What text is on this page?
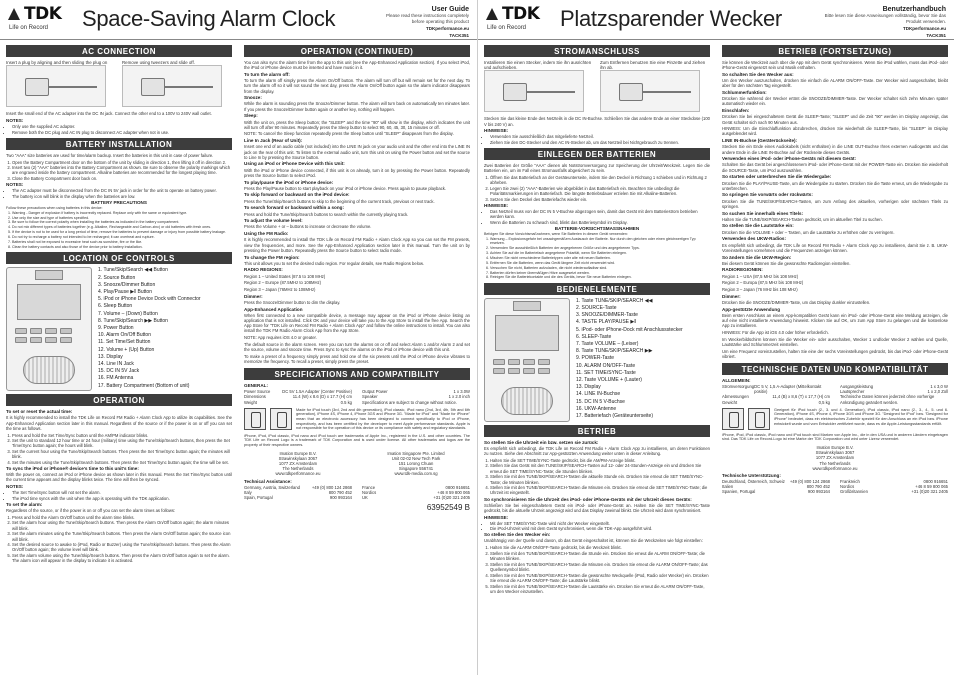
TDK
Life on Record	Space-Saving Alarm Clock	User Guide
Please read these instructions completely
before operating this product
TDKperformance.eu
TACK351
AC CONNECTION
Insert a plug by aligning and then sliding the plug on	Remove using tweezers and slide off.

Insert the small end of the AC adapter into the DC IN jack. Connect the other end to a 100V to 240V wall outlet.

NOTES:
• Only use the supplied AC adapter.
• Remove both the DC plug and AC IN plug to disconnect AC adapter when not in use.
BATTERY INSTALLATION

Two "AAA" size batteries are used for time/alarm backup. Insert the batteries in this unit in case of power failure.

1. Open the Battery Compartment door on the bottom of the unit by sliding in direction 1, then lifting it off in direction 2.
2. Insert two (2) "AAA" batteries into the Battery Compartment as shown. Be sure to observe the polarity markings which are engraved inside the battery compartment. Alkaline batteries are recommended for the longest playing time.
3. Close the Battery Compartment door back on.
NOTES:
• The AC adapter must be disconnected from the DC IN 5V jack in order for the unit to operate on battery power.
• The battery icon will blink in the display when the batteries are low.
BATTERY PRECAUTIONS
Follow these precautions when using batteries in this device:
1. Warning - Danger of explosion if battery is incorrectly replaced. Replace only with the same or equivalent type.
2. Use only the size and type of batteries specified.
3. Be sure to follow the correct polarity when installing the batteries as indicated in the battery compartment.
4. Do not mix different types of batteries together (e.g. Alkaline, Rechargeable and Carbon-zinc) or old batteries with fresh ones.
5. If the device is not to be used for a long period of time, remove the batteries to prevent damage or injury from possible battery leakage.
6. Do not try to recharge a battery not intended to be recharged; it can overheat and rupture.
7. Batteries shall not be exposed to excessive heat such as sunshine, fire or the like.
8. Clean the battery contacts and also those of the device prior to battery installation.
LOCATION OF CONTROLS
1. Tune/Skip/Search ◀◀ Button
2. Source Button
3. Snooze/Dimmer Button
4. Play/Pause ▶‖ Button
5. iPod or iPhone Device Dock with Connector
6. Sleep Button
7. Volume – (Down) Button
8. Tune/Skip/Search ▶▶ Button
9. Power Button
10. Alarm On/Off Button
11. Set Time/Set Button
12. Volume + (Up) Button
13. Display
14. Line IN Jack
15. DC IN 5V Jack
16. FM Antenna
17. Battery Compartment (Bottom of unit)
OPERATION
To set or reset the actual time:

It is highly recommended to install the TDK Life on Record FM Radio + Alarm Clock App to utilize its capabilities. See the App-Enhanced Application section later in this manual. Regardless of the source or if the power is on or off you can set the time as follows.

1. Press and hold the Set Time/Sync button until the AM/PM indicator blinks.
2. Set the unit to standard 12 hour time or 24 hour (military) time using the Tune/Skip/Search buttons, then press the Set Time/Sync button again; the hours will blink.
3. Set the current hour using the Tune/Skip/Search buttons. Then press the Set Time/Sync button again; the minutes will blink.
4. Set the minutes using the Tune/Skip/Search buttons. Then press the Set Time/Sync button again; the time will be set.
To sync the iPod or iPhone® device's time to this unit's time:

With the power on, connect an iPod or iPhone device as shown later in this manual. Press the Set Time/Sync button until the current time appears and the display blinks twice. The time will then be synced.

NOTES:
• The Set Time/Sync button will not set the alarm.
• The iPod time syncs with the unit when the app is operating with the TDK application.
To set the alarm:

Regardless of the source, or if the power is on or off you can set the alarm times as follows:

1. Press and hold the Alarm On/Off button until the alarm time blinks.
2. Set the alarm hour using the Tune/Skip/Search buttons. Then press the Alarm On/Off button again; the alarm minutes will blink.
3. Set the alarm minutes using the Tune/Skip/Search buttons. Then press the Alarm On/Off button again; the source icon will blink.
4. Set the desired source to awake to (iPod, Radio or Buzzer) using the Tune/Skip/Search buttons. Then press the Alarm On/Off button again; the volume level will blink.
5. Set the alarm volume using the Tune/Skip/Search buttons. Then press the Alarm On/Off button again to set the alarm. The alarm icon will appear in the display to indicate it is activated.
OPERATION (CONTINUED)

You can also sync the alarm time from the app to this unit (see the App-Enhanced Application section). If you select iPod, the iPod or iPhone device must be inserted and have music in it.

To turn the alarm off:

To turn the alarm off simply press the Alarm On/Off button. The alarm will turn off but will remain set for the next day. To turn the alarm off so it will not sound the next day, press the Alarm On/Off button again so the alarm indicator disappears from the display.

Snooze:

While the alarm is sounding press the Snooze/Dimmer button. The alarm will turn back on automatically ten minutes later. If you press the Snooze/Dimmer button again or another key, nothing will happen.

Sleep:

With the unit on, press the Sleep button; the "SLEEP" and the time "90" will show in the display, which indicates the unit will turn off after 90 minutes. Repeatedly press the Sleep button to select 90, 60, 45, 30, 15 minutes or off.

NOTE: To cancel the Sleep function repeatedly press the Sleep button until "SLEEP" disappears from the display.

Line In Jack (Rear of Unit):

Insert one end of an audio cable (not included) into the LINE IN jack on your audio unit and the other end into the LINE IN jack on the rear of this unit. To listen to the external audio unit, turn this unit on using the Power button and set the source to Line In by pressing the Source button.

Using an iPod or iPhone Device with this Unit:

With the iPod or iPhone device connected, if this unit is on already, turn it on by pressing the Power button. Repeatedly press the Source button to select iPod.

To play/pause the iPod or iPhone device:

Press the Play/Pause button to start playback on your iPod or iPhone device. Press again to pause playback.

To skip forward or backward on the iPod device:

Press the Tune/Skip/Search buttons to skip to the beginning of the current track, previous or next track.

To search forward or backward within a song:

Press and hold the Tune/Skip/Search buttons to search within the currently playing track.

To adjust the volume level:

Press the Volume + or – buttons to increase or decrease the volume.

Using the FM Radio:

It is highly recommended to install the TDK Life on Record FM Radio + Alarm Clock App so you can set the FM presets, view the frequencies, and more. See the App-Enhanced Application section later in this manual. Turn the unit on by pressing the Power button. Repeatedly press the Source button to select radio mode.

To change the FM region:

This unit allows you to set the desired radio region. For regular details, see Radio Regions below.

RADIO REGIONS:

Region 1 – United States (87.5 to 108 MHz)

Region 2 – Europe (87.5MHz to 108MHz)

Region 3 – Japan (76MHz to 108MHz)

Dimmer:

Press the Snooze/Dimmer button to dim the display.

App-Enhanced Application

When first connected to a new compatible device, a message may appear on the iPod or iPhone device listing an application that is not installed. Click OK and your device will take you to the App Store to install the free App. Search the App Store for "TDK Life on Record FM Radio + Alarm Clock App" and follow the online instructions to install. You can also install the TDK FM Radio Alarm Clock App from the App Store.

NOTE: App requires iOS 4.0 or greater.

The default source in the alarm screen. Here you can turn the alarms on or off and select Alarm 1 and/or Alarm 2 and set the source, volume and snooze time. Press Sync to sync the alarms on the iPod or iPhone device with this unit.

To make a preset of a frequency simply press and hold one of the six presets until the iPod or iPhone device vibrates to memorize the frequency. To recall a preset, simply press the preset.

SPECIFICATIONS AND COMPATIBILITY
GENERAL:
Power Source	DC 5V 1.5A Adapter (Center Positive)
Dimensions	11.4 (W) x 8.6 (D) x 17.7 (H) cm
Weight	0.5 kg
Output Power	1 x 3.0W
Speaker	1 x 2.0 inch
Specifications are subject to change without notice.
Made for iPod touch (3rd, 2nd and 4th generation), iPod classic, iPod nano (2nd, 3rd, 4th, 5th and 6th generation), iPhone 4S, iPhone 4, iPhone 3GS and iPhone 3G. "Made for iPod" and "Made for iPhone" mean that an electronic accessory has been designed to connect specifically to iPod or iPhone, respectively, and has been certified by the developer to meet Apple performance standards. Apple is not responsible for the operation of this device or its compliance with safety and regulatory standards.
iPhone, iPod, iPod classic, iPod nano and iPod touch are trademarks of Apple Inc., registered in the U.S. and other countries. The TDK Life on Record Logo is a trademark of TDK Corporation and is used under license. All other trademarks and logos are the property of their respective owners.
Imation Europe B.V.
Strawinskylaan 3067
1077 ZX Amsterdam
The Netherlands
www.tdkperformance.eu
Imation Singapore Pte. Limited
Unit 02-02 New Tech Park
151 Lorong Chuan
Singapore 556741
www.tdk-media.com.sg
Technical Assistance:
Germany, Austria, Switzerland	+49 (0) 800 124 2868
Italy	800 790 452
Spain, Portugal	900 993164
France	0800 916651
Nordics	+46 8 59 800 065
UK	+31 (0)20 321 2405
63952549 B
TDK
Life on Record	Platzsparender Wecker	Benutzerhandbuch
Bitte lesen Sie diese Anweisungen vollständig, bevor Sie das
Produkt verwenden.
TDKperformance.eu
TACK351
STROMANSCHLUSS
Installieren Sie einen Stecker, indem Sie ihn ausrichten und aufschieben.
Zum Entfernen benutzen Sie eine Pinzette und ziehen ihn ab.

Stecken Sie das kleine Ende des Netzteils in die DC IN-Buchse. Schließen Sie das andere Ende an einer Steckdose (100 V bis 240 V) an.

HINWEISE:
• Verwenden Sie ausschließlich das mitgelieferte Netzteil.
• Ziehen Sie den DC-Stecker und den AC IN-Stecker ab, um das Netzteil bei Nichtgebrauch zu trennen.
EINLEGEN DER BATTERIEN

Zwei Batterien der Größe "AAA" dienen als Notstromversorgung zur Speicherung der Uhrzeit/Weckzeit. Legen Sie die Batterien ein, um im Fall eines Stromausfalls abgesichert zu sein.

1. Öffnen Sie das Batteriefach an der Geräteunterseite, indem Sie den Deckel in Richtung 1 schieben und in Richtung 2 abheben.
2. Legen Sie zwei (2) "AAA"-Batterien wie abgebildet in das Batteriefach ein. Beachten Sie unbedingt die Polaritätsmarkierungen im Batteriefach. Die längste Betriebsdauer erzielen Sie mit Alkaline-Batterien.
3. Setzen Sie den Deckel des Batteriefachs wieder ein.
HINWEISE:
• Das Netzteil muss von der DC IN 5 V-Buchse abgezogen sein, damit das Gerät mit dem Batteriestrom betrieben werden kann.
• Wenn die Batterien zu schwach sind, blinkt das Batteriesymbol im Display.
BATTERIE-VORSICHTSMASSNAHMEN
Befolgen Sie diese Vorsichtsmaßnahmen, wenn Sie Batterien in diesem Gerät verwenden:
1. Warnung – Explosionsgefahr bei unsachgemäßem Austausch der Batterie. Nur durch den gleichen oder einen gleichwertigen Typ ersetzen.
2. Verwenden Sie ausschließlich Batterien der angegebenen Größe und des angegebenen Typs.
3. Achten Sie auf die im Batteriefach angegebene Polarität, wenn Sie Batterien einlegen.
4. Mischen Sie nicht verschiedene Batterietypen oder alte mit neuen Batterien.
5. Entfernen Sie die Batterien, wenn das Gerät längere Zeit nicht verwendet wird.
6. Versuchen Sie nicht, Batterien aufzuladen, die nicht wiederaufladbar sind.
7. Batterien dürfen keiner übermäßigen Hitze ausgesetzt werden.
8. Reinigen Sie die Batteriekontakte und die des Geräts, bevor Sie neue Batterien einlegen.
BEDIENELEMENTE
1. Taste TUNE/SKIP/SEARCH ◀◀
2. SOURCE-Taste
3. SNOOZE/DIMMER-Taste
4. TASTE PLAY/PAUSE ▶‖
5. iPod- oder iPhone-Dock mit Anschlussstecker
6. SLEEP-Taste
7. Taste VOLUME – (Leiser)
8. Taste TUNE/SKIP/SEARCH ▶▶
9. POWER-Taste
10. ALARM ON/OFF-Taste
11. SET TIME/SYNC-Taste
12. Taste VOLUME + (Lauter)
13. Display
14. LINE IN-Buchse
15. DC IN 5 V-Buchse
16. UKW-Antenne
17. Batteriefach (Geräteunterseite)
BETRIEB
So stellen Sie die Uhrzeit ein bzw. setzen sie zurück:

Es empfiehlt sich unbedingt, die TDK Life on Record FM Radio + Alarm Clock App zu installieren, um deren Funktionen zu nutzen. Siehe den Abschnitt zur App-gestützten Anwendung weiter unten in dieser Anleitung.

1. Halten Sie die SET TIME/SYNC-Taste gedrückt, bis die AM/PM-Anzeige blinkt.
2. Stellen Sie das Gerät mit den TUNE/SKIP/SEARCH-Tasten auf 12- oder 24-Stunden-Anzeige ein und drücken Sie erneut die SET TIME/SYNC-Taste; die Stunden blinken.
3. Stellen Sie mit den TUNE/SKIP/SEARCH-Tasten die aktuelle Stunde ein. Drücken Sie erneut die SET TIME/SYNC-Taste; die Minuten blinken.
4. Stellen Sie mit den TUNE/SKIP/SEARCH-Tasten die Minuten ein. Drücken Sie erneut die SET TIME/SYNC-Taste; die Uhrzeit ist eingestellt.
So synchronisieren Sie die Uhrzeit des iPod- oder iPhone-Geräts mit der Uhrzeit dieses Geräts:

Schließen Sie bei eingeschaltetem Gerät ein iPod- oder iPhone-Gerät an. Halten Sie die SET TIME/SYNC-Taste gedrückt, bis die aktuelle Uhrzeit angezeigt wird und das Display zweimal blinkt. Die Uhrzeit wird dann synchronisiert.

HINWEISE:
• Mit der SET TIME/SYNC-Taste wird nicht der Wecker eingestellt.
• Die iPod-Uhrzeit wird mit dem Gerät synchronisiert, wenn die TDK-App ausgeführt wird.
So stellen Sie den Wecker ein:

Unabhängig von der Quelle und davon, ob das Gerät eingeschaltet ist, können Sie die Weckzeiten wie folgt einstellen:

1. Halten Sie die ALARM ON/OFF-Taste gedrückt, bis die Weckzeit blinkt.
2. Stellen Sie mit den TUNE/SKIP/SEARCH-Tasten die Stunde ein. Drücken Sie erneut die ALARM ON/OFF-Taste; die Minuten blinken.
3. Stellen Sie mit den TUNE/SKIP/SEARCH-Tasten die Minuten ein. Drücken Sie erneut die ALARM ON/OFF-Taste; das Quellensymbol blinkt.
4. Stellen Sie mit den TUNE/SKIP/SEARCH-Tasten die gewünschte Weckquelle (iPod, Radio oder Wecker) ein. Drücken Sie erneut die ALARM ON/OFF-Taste; die Lautstärke blinkt.
5. Stellen Sie mit den TUNE/SKIP/SEARCH-Tasten die Lautstärke ein. Drücken Sie erneut die ALARM ON/OFF-Taste, um den Wecker einzustellen.
BETRIEB (FORTSETZUNG)

Sie können die Weckzeit auch über die App mit dem Gerät synchronisieren. Wenn Sie iPod wählen, muss das iPod- oder iPhone-Gerät eingesetzt sein und Musik enthalten.

So schalten Sie den Wecker aus:

Um den Wecker auszuschalten, drücken Sie einfach die ALARM ON/OFF-Taste. Der Wecker wird ausgeschaltet, bleibt aber für den nächsten Tag eingestellt.

Schlummerfunktion:

Drücken Sie während der Wecker ertönt die SNOOZE/DIMMER-Taste. Der Wecker schaltet sich zehn Minuten später automatisch wieder ein.

Einschlafen:

Drücken Sie bei eingeschaltetem Gerät die SLEEP-Taste; "SLEEP" und die Zeit "90" werden im Display angezeigt, das Gerät schaltet sich nach 90 Minuten aus.

HINWEIS: Um die Einschlaffunktion abzubrechen, drücken Sie wiederholt die SLEEP-Taste, bis "SLEEP" im Display ausgeblendet wird.

LINE IN-Buchse (Geräterückseite):

Stecken Sie ein Ende eines Audiokabels (nicht enthalten) in die LINE OUT-Buchse Ihres externen Audiogeräts und das andere Ende in die LINE IN-Buchse auf der Rückseite dieses Geräts.

Verwenden eines iPod- oder iPhone-Geräts mit diesem Gerät:

Schalten Sie das Gerät bei angeschlossenem iPod- oder iPhone-Gerät mit der POWER-Taste ein. Drücken Sie wiederholt die SOURCE-Taste, um iPod auszuwählen.

So starten oder unterbrechen Sie die Wiedergabe:

Drücken Sie die PLAY/PAUSE-Taste, um die Wiedergabe zu starten. Drücken Sie die Taste erneut, um die Wiedergabe zu unterbrechen.

So springen Sie vorwärts oder rückwärts:

Drücken Sie die TUNE/SKIP/SEARCH-Tasten, um zum Anfang des aktuellen, vorherigen oder nächsten Titels zu springen.

So suchen Sie innerhalb eines Titels:

Halten Sie die TUNE/SKIP/SEARCH-Tasten gedrückt, um im aktuellen Titel zu suchen.

So stellen Sie die Lautstärke ein:

Drücken Sie die VOLUME + oder – Tasten, um die Lautstärke zu erhöhen oder zu verringern.

Verwenden des UKW-Radios:

Es empfiehlt sich unbedingt, die TDK Life on Record FM Radio + Alarm Clock App zu installieren, damit Sie z. B. UKW-Voreinstellungen vornehmen und die Frequenzen anzeigen können.

So ändern Sie die UKW-Region:

Bei diesem Gerät können Sie die gewünschte Radioregion einstellen.

RADIOREGIONEN:

Region 1 – USA (87,5 MHz bis 108 MHz)

Region 2 – Europa (87,5 MHz bis 108 MHz)

Region 3 – Japan (76 MHz bis 108 MHz)

Dimmer:

Drücken Sie die SNOOZE/DIMMER-Taste, um das Display dunkler einzustellen.

App-gestützte Anwendung

Beim ersten Anschluss an einem App-kompatiblen Gerät kann ein iPod- oder iPhone-Gerät eine Meldung anzeigen, die auf eine nicht installierte Anwendung hinweist. Klicken Sie auf OK, um zum App Store zu gelangen und die kostenlose App zu installieren.

HINWEIS: Für die App ist iOS 4.0 oder höher erforderlich.

Im Weckerbildschirm können Sie die Wecker ein- oder ausschalten, Wecker 1 und/oder Wecker 2 wählen und Quelle, Lautstärke und Schlummerzeit einstellen.

Um eine Frequenz voreinzustellen, halten Sie eine der sechs Voreinstellungen gedrückt, bis das iPod- oder iPhone-Gerät vibriert.

TECHNISCHE DATEN UND KOMPATIBILITÄT
ALLGEMEIN:
Stromversorgung DC 5 V, 1,5 A-Adapter (Mittelkontakt positiv)
Abmessungen	11,4 (B) x 8,6 (T) x 17,7 (H) cm
Gewicht	0,5 kg
Ausgangsleistung	1 x 3,0 W
Lautsprecher	1 x 2,0 Zoll
Technische Daten können jederzeit ohne vorherige Ankündigung geändert werden.
Geeignet für iPod touch (2., 3. und 4. Generation), iPod classic, iPod nano (2., 3., 4., 5. und 6. Generation), iPhone 4S, iPhone 4, iPhone 3GS und iPhone 3G. "Designed for iPod" bzw. "Designed for iPhone" bedeutet, dass ein elektronisches Zubehör speziell für den Anschluss an ein iPod bzw. iPhone entwickelt wurde und vom Entwickler zertifiziert wurde, dass es die Apple-Leistungsstandards erfüllt.
iPhone, iPod, iPod classic, iPod nano und iPod touch sind Marken von Apple Inc., die in den USA und in anderen Ländern eingetragen sind. Das TDK Life on Record-Logo ist eine Marke der TDK Corporation und wird unter Lizenz verwendet.
Imation Europe B.V.
Strawinskylaan 3067
1077 ZX Amsterdam
The Netherlands
www.tdkperformance.eu
Technische Unterstützung:
Deutschland, Österreich, Schweiz +49 (0) 800 124 2868
Italien	800 790 452
Spanien, Portugal	900 993164
Frankreich	0800 916651
Nordics	+46 8 59 800 065
Großbritannien	+31 (0)20 321 2405
